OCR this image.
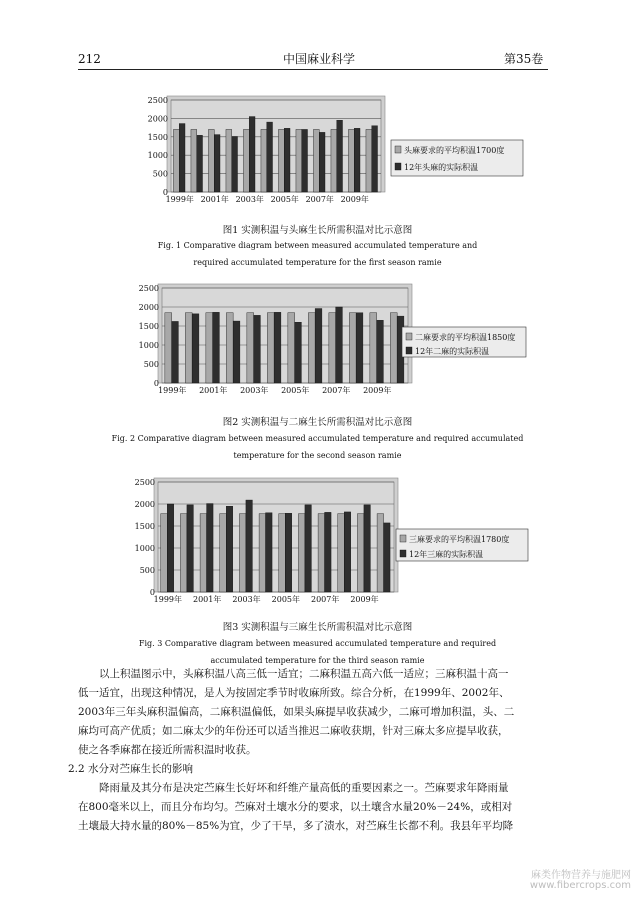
212	中国麻业科学	第35卷
0
500
1000
1500
2000
2500
1999年 2001年 2003年 2005年 2007年 2009年
头麻要求的平均积温1700度
12年头麻的实际积温
图1 实测积温与头麻生长所需积温对比示意图
Fig. 1 Comparative diagram between measured accumulated temperature and
required accumulated temperature for the first season ramie
0
500
1000
1500
2000
2500
1999年 2001年 2003年 2005年 2007年 2009年
二麻要求的平均积温1850度
12年二麻的实际积温
图2 实测积温与二麻生长所需积温对比示意图
Fig. 2 Comparative diagram between measured accumulated temperature and required accumulated
temperature for the second season ramie
0
500
1000
1500
2000
2500
1999年 2001年 2003年 2005年 2007年 2009年
三麻要求的平均积温1780度
12年三麻的实际积温
图3 实测积温与三麻生长所需积温对比示意图
Fig. 3 Comparative diagram between measured accumulated temperature and required
accumulated temperature for the third season ramie

以上积温图示中，头麻积温八高三低一适宜；二麻积温五高六低一适应；三麻积温十高一

低一适宜，出现这种情况，是人为按固定季节时收麻所致。综合分析，在1999年、2002年、

2003年三年头麻积温偏高，二麻积温偏低，如果头麻提早收获减少，二麻可增加积温，头、二

麻均可高产优质；如二麻太少的年份还可以适当推迟二麻收获期，针对三麻太多应提早收获，

使之各季麻都在接近所需积温时收获。

2.2 水分对苎麻生长的影响

降雨量及其分布是决定苎麻生长好坏和纤维产量高低的重要因素之一。苎麻要求年降雨量

在800毫米以上，而且分布均匀。苎麻对土壤水分的要求，以土壤含水量20%－24%，或相对

土壤最大持水量的80%－85%为宜，少了干旱，多了渍水，对苎麻生长都不利。我县年平均降

麻类作物营养与施肥网
www.fibercrops.com
